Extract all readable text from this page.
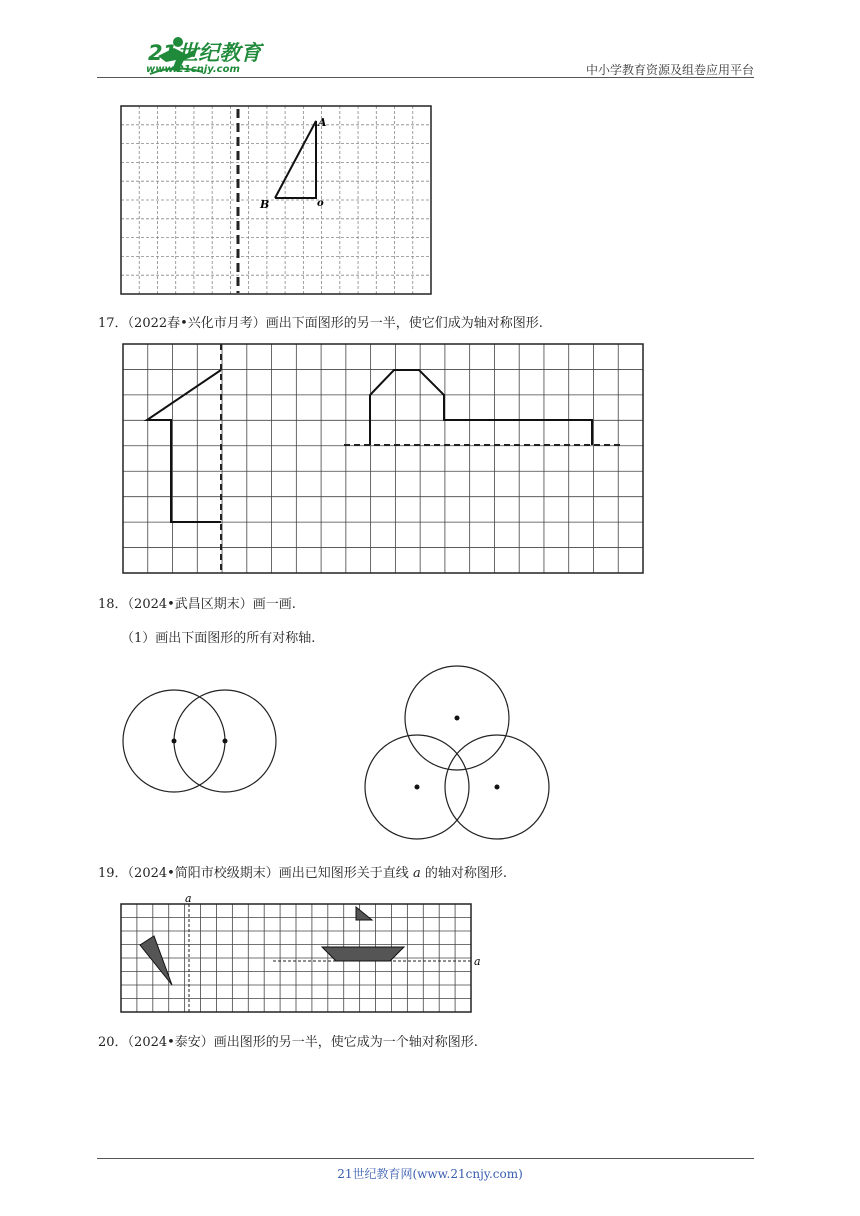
21世纪教育
www.21cnjy.com	中小学教育资源及组卷应用平台
A
B	o
17．（2022春•兴化市月考）画出下面图形的另一半，使它们成为轴对称图形.
18．（2024•武昌区期末）画一画.
（1）画出下面图形的所有对称轴.
19．（2024•简阳市校级期末）画出已知图形关于直线 a 的轴对称图形.
a
a
20．（2024•泰安）画出图形的另一半，使它成为一个轴对称图形.
21世纪教育网(www.21cnjy.com)
